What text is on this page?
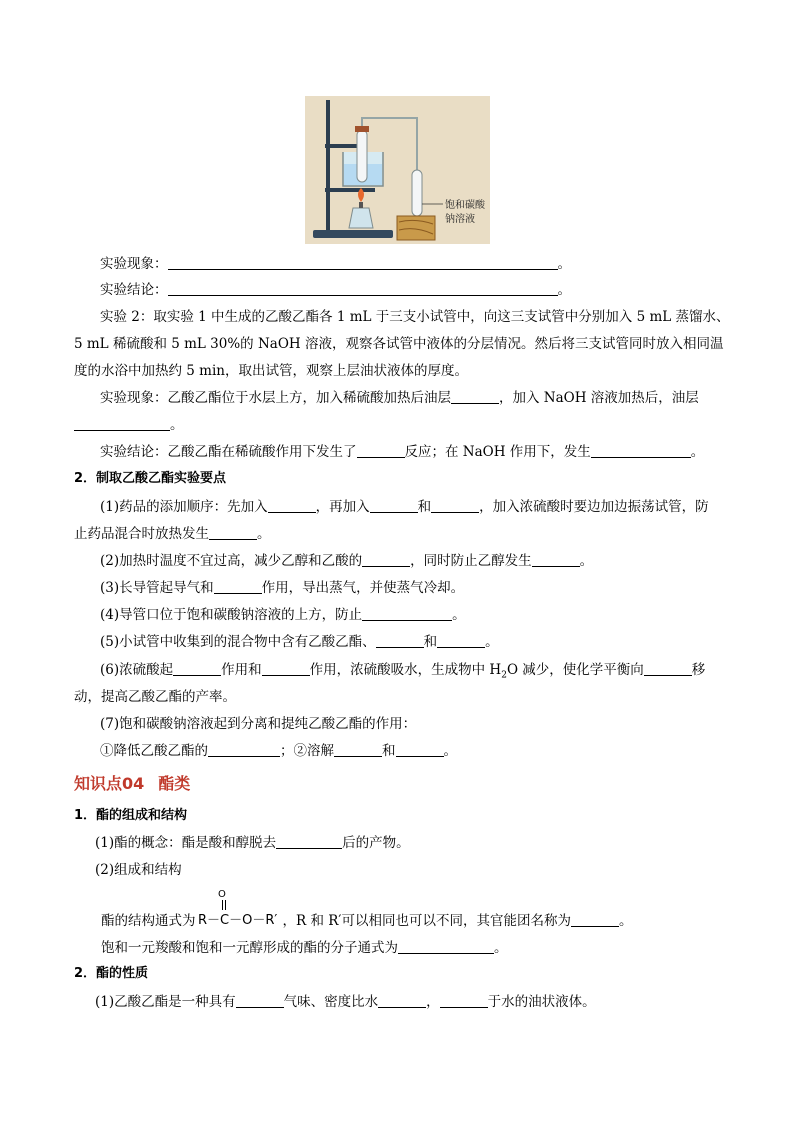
饱和碳酸
钠溶液
实验现象：	。
实验结论：	。
实验 2：取实验 1 中生成的乙酸乙酯各 1 mL 于三支小试管中，向这三支试管中分别加入 5 mL 蒸馏水、
5 mL 稀硫酸和 5 mL 30%的 NaOH 溶液，观察各试管中液体的分层情况。然后将三支试管同时放入相同温
度的水浴中加热约 5 min，取出试管，观察上层油状液体的厚度。
实验现象：乙酸乙酯位于水层上方，加入稀硫酸加热后油层	，加入 NaOH 溶液加热后，油层
。
实验结论：乙酸乙酯在稀硫酸作用下发生了	反应；在 NaOH 作用下，发生	。
2．制取乙酸乙酯实验要点
(1)药品的添加顺序：先加入	，再加入	和	，加入浓硫酸时要边加边振荡试管，防
止药品混合时放热发生	。
(2)加热时温度不宜过高，减少乙醇和乙酸的	，同时防止乙醇发生	。
(3)长导管起导气和	作用，导出蒸气，并使蒸气冷却。
(4)导管口位于饱和碳酸钠溶液的上方，防止	。
(5)小试管中收集到的混合物中含有乙酸乙酯、	和	。
(6)浓硫酸起	作用和	作用，浓硫酸吸水，生成物中 $H_2O$ 减少，使化学平衡向	移
动，提高乙酸乙酯的产率。
(7)饱和碳酸钠溶液起到分离和提纯乙酸乙酯的作用：
①降低乙酸乙酯的	；②溶解	和	。
知识点04 酯类
1．酯的组成和结构
(1)酯的概念：酯是酸和醇脱去	后的产物。
(2)组成和结构
酯的结构通式为	，R 和 R′可以相同也可以不同，其官能团名称为	。
O
R－C－O－R′
饱和一元羧酸和饱和一元醇形成的酯的分子通式为	。
2．酯的性质
(1)乙酸乙酯是一种具有	气味、密度比水	，	于水的油状液体。
